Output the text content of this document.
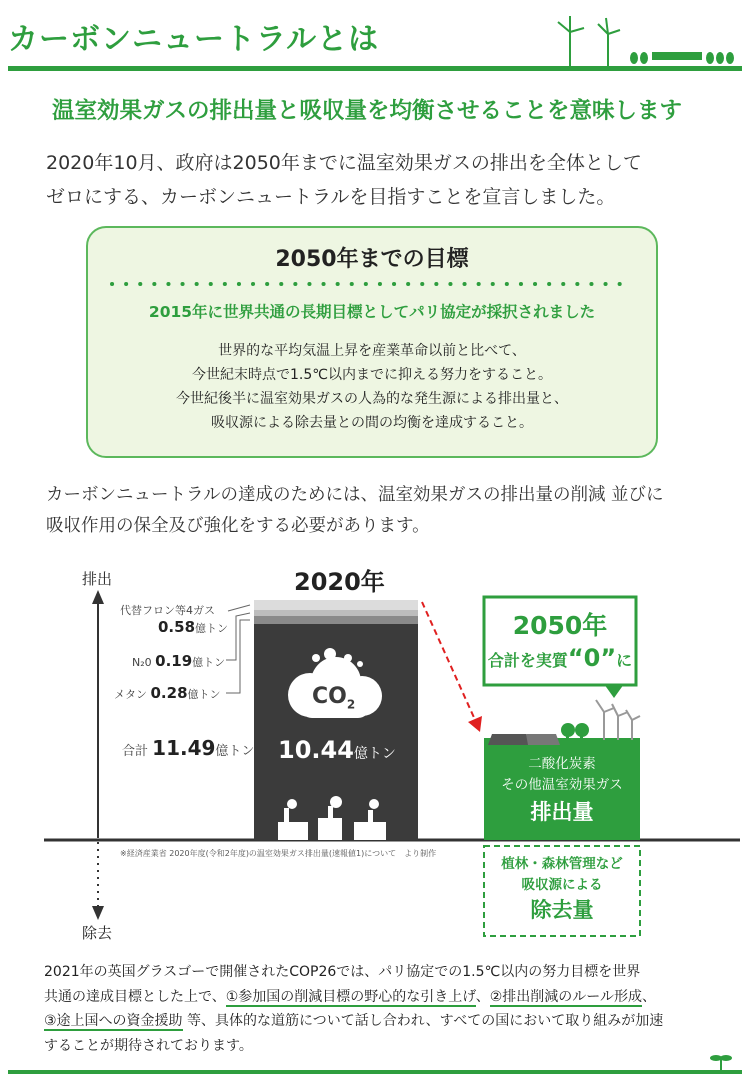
カーボンニュートラルとは
温室効果ガスの排出量と吸収量を均衡させることを意味します
2020年10月、政府は2050年までに温室効果ガスの排出を全体として
ゼロにする、カーボンニュートラルを目指すことを宣言しました。
2050年までの目標
2015年に世界共通の長期目標としてパリ協定が採択されました
世界的な平均気温上昇を産業革命以前と比べて、
今世紀末時点で1.5℃以内までに抑える努力をすること。
今世紀後半に温室効果ガスの人為的な発生源による排出量と、
吸収源による除去量との間の均衡を達成すること。
カーボンニュートラルの達成のためには、温室効果ガスの排出量の削減 並びに
吸収作用の保全及び強化をする必要があります。
排出
除去
2020年
代替フロン等4ガス
0.58億トン
N₂0 0.19億トン
メタン 0.28億トン
合計 11.49億トン
$CO_2$
10.44億トン
※経済産業省 2020年度(令和2年度)の温室効果ガス排出量(速報値1)について　より制作
2050年
合計を実質“0”に
二酸化炭素
その他温室効果ガス
排出量
植林・森林管理など
吸収源による
除去量
2021年の英国グラスゴーで開催されたCOP26では、パリ協定での1.5℃以内の努力目標を世界
共通の達成目標とした上で、①参加国の削減目標の野心的な引き上げ、②排出削減のルール形成、
③途上国への資金援助 等、具体的な道筋について話し合われ、すべての国において取り組みが加速
することが期待されております。
